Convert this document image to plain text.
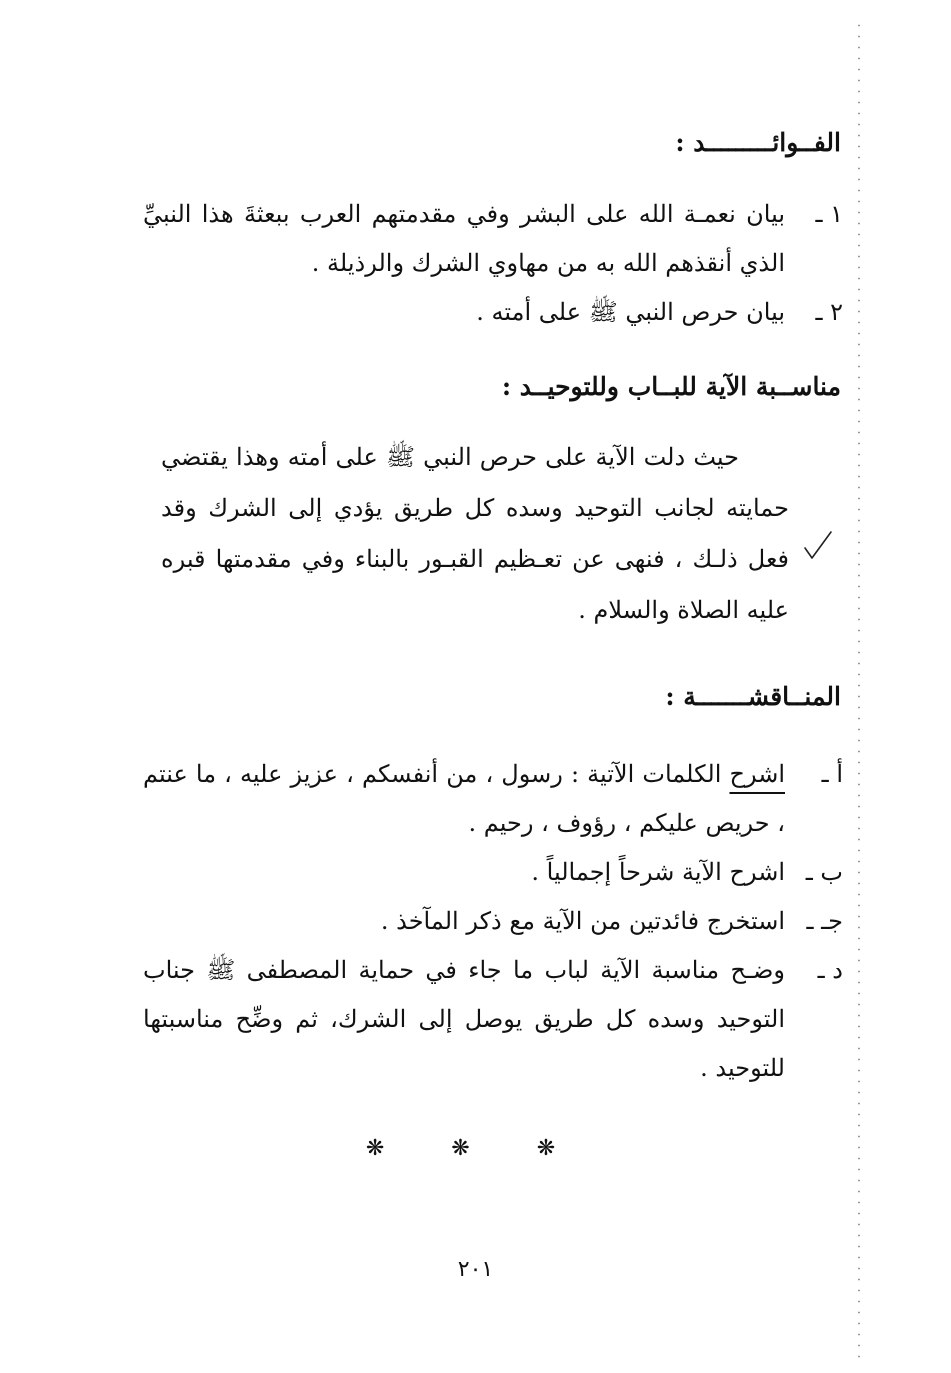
الفــوائـــــــــد :
١ ـ
بيان نعمـة الله على البشر وفي مقدمتهم العرب ببعثةَ هذا النبيِّ الذي أنقذهم الله به من مهاوي الشرك والرذيلة .
٢ ـ
بيان حرص النبي ﷺ على أمته .
مناســبة الآية للبــاب وللتوحيــد :
حيث دلت الآية على حرص النبي ﷺ على أمته وهذا يقتضي حمايته لجانب التوحيد وسده كل طريق يؤدي إلى الشرك وقد فعل ذلـك ، فنهى عن تعـظيم القبـور بالبناء وفي مقدمتها قبره عليه الصلاة والسلام .
المنــاقشـــــــة :
أ ـ
اشرح الكلمات الآتية : رسول ، من أنفسكم ، عزيز عليه ، ما عنتم ، حريص عليكم ، رؤوف ، رحيم .
ب ـ
اشرح الآية شرحاً إجمالياً .
جـ ـ
استخرج فائدتين من الآية مع ذكر المآخذ .
د ـ
وضـح مناسبة الآية لباب ما جاء في حماية المصطفى ﷺ جناب التوحيد وسده كل طريق يوصل إلى الشرك، ثم وضِّح مناسبتها للتوحيد .
❋ ❋ ❋
٢٠١
